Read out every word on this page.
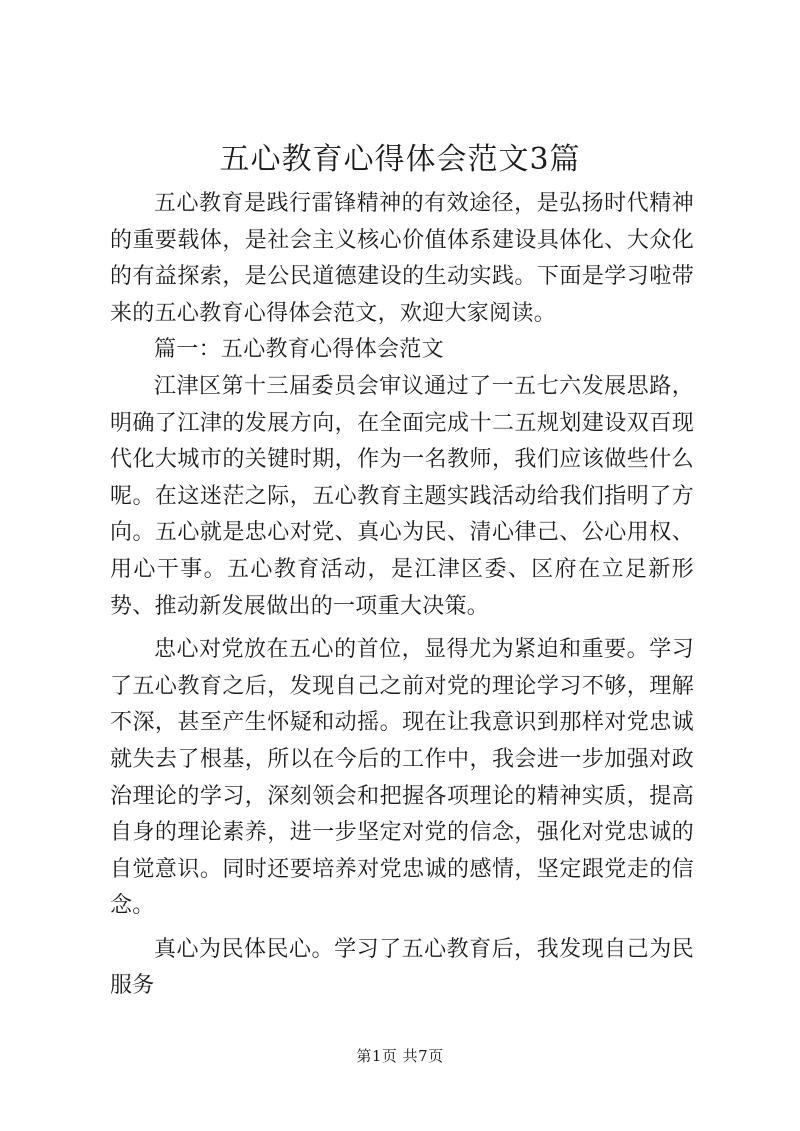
五心教育心得体会范文3篇

五心教育是践行雷锋精神的有效途径，是弘扬时代精神的重要载体，是社会主义核心价值体系建设具体化、大众化的有益探索，是公民道德建设的生动实践。下面是学习啦带来的五心教育心得体会范文，欢迎大家阅读。

篇一：五心教育心得体会范文

江津区第十三届委员会审议通过了一五七六发展思路，明确了江津的发展方向，在全面完成十二五规划建设双百现代化大城市的关键时期，作为一名教师，我们应该做些什么呢。在这迷茫之际，五心教育主题实践活动给我们指明了方向。五心就是忠心对党、真心为民、清心律己、公心用权、用心干事。五心教育活动，是江津区委、区府在立足新形势、推动新发展做出的一项重大决策。

忠心对党放在五心的首位，显得尤为紧迫和重要。学习了五心教育之后，发现自己之前对党的理论学习不够，理解不深，甚至产生怀疑和动摇。现在让我意识到那样对党忠诚就失去了根基，所以在今后的工作中，我会进一步加强对政治理论的学习，深刻领会和把握各项理论的精神实质，提高自身的理论素养，进一步坚定对党的信念，强化对党忠诚的自觉意识。同时还要培养对党忠诚的感情，坚定跟党走的信念。

真心为民体民心。学习了五心教育后，我发现自己为民服务

第1页 共7页
